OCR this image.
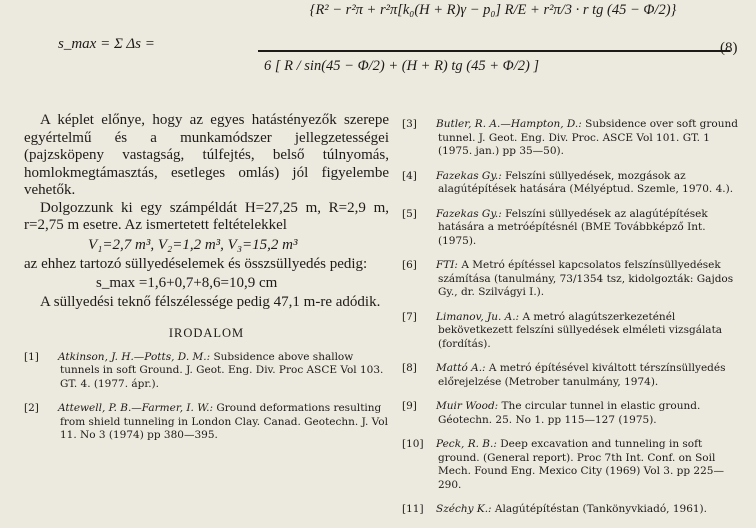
s_max = Σ Δs =
{R² − r²π + r²π[k₀(H + R)γ − p₀] R/E + r²π/3 · r tg (45 − Φ/2)}
6 [ R / sin(45 − Φ/2) + (H + R) tg (45 + Φ/2) ]
(8)

A képlet előnye, hogy az egyes hatástényezők szerepe egyértelmű és a munkamódszer jellegzetességei (pajzsköpeny vastagság, túlfejtés, belső túlnyomás, homlokmegtámasztás, esetleges omlás) jól figyelembe vehetők.

Dolgozzunk ki egy számpéldát H=27,25 m, R=2,9 m, r=2,75 m esetre. Az ismertetett feltételekkel

V₁=2,7 m³, V₂=1,2 m³, V₃=15,2 m³

az ehhez tartozó süllyedéselemek és összsüllyedés pedig:

s_max =1,6+0,7+8,6=10,9 cm

A süllyedési teknő félszélessége pedig 47,1 m-re adódik.

IRODALOM
[1] Atkinson, J. H.—Potts, D. M.: Subsidence above shallow tunnels in soft Ground. J. Geot. Eng. Div. Proc ASCE Vol 103. GT. 4. (1977. ápr.).
[2] Attewell, P. B.—Farmer, I. W.: Ground deformations resulting from shield tunneling in London Clay. Canad. Geotechn. J. Vol 11. No 3 (1974) pp 380—395.
[3] Butler, R. A.—Hampton, D.: Subsidence over soft ground tunnel. J. Geot. Eng. Div. Proc. ASCE Vol 101. GT. 1 (1975. jan.) pp 35—50).
[4] Fazekas Gy.: Felszíni süllyedések, mozgások az alagútépítések hatására (Mélyéptud. Szemle, 1970. 4.).
[5] Fazekas Gy.: Felszíni süllyedések az alagútépítések hatására a metróépítésnél (BME Továbbképző Int. (1975).
[6] FTI: A Metró építéssel kapcsolatos felszínsüllyedések számítása (tanulmány, 73/1354 tsz, kidolgozták: Gajdos Gy., dr. Szilvágyi I.).
[7] Limanov, Ju. A.: A metró alagútszerkezeténél bekövetkezett felszíni süllyedések elméleti vizsgálata (fordítás).
[8] Mattó A.: A metró építésével kiváltott térszínsüllyedés előrejelzése (Metrober tanulmány, 1974).
[9] Muir Wood: The circular tunnel in elastic ground. Géotechn. 25. No 1. pp 115—127 (1975).
[10] Peck, R. B.: Deep excavation and tunneling in soft ground. (General report). Proc 7th Int. Conf. on Soil Mech. Found Eng. Mexico City (1969) Vol 3. pp 225—290.
[11] Széchy K.: Alagútépítéstan (Tankönyvkiadó, 1961).
